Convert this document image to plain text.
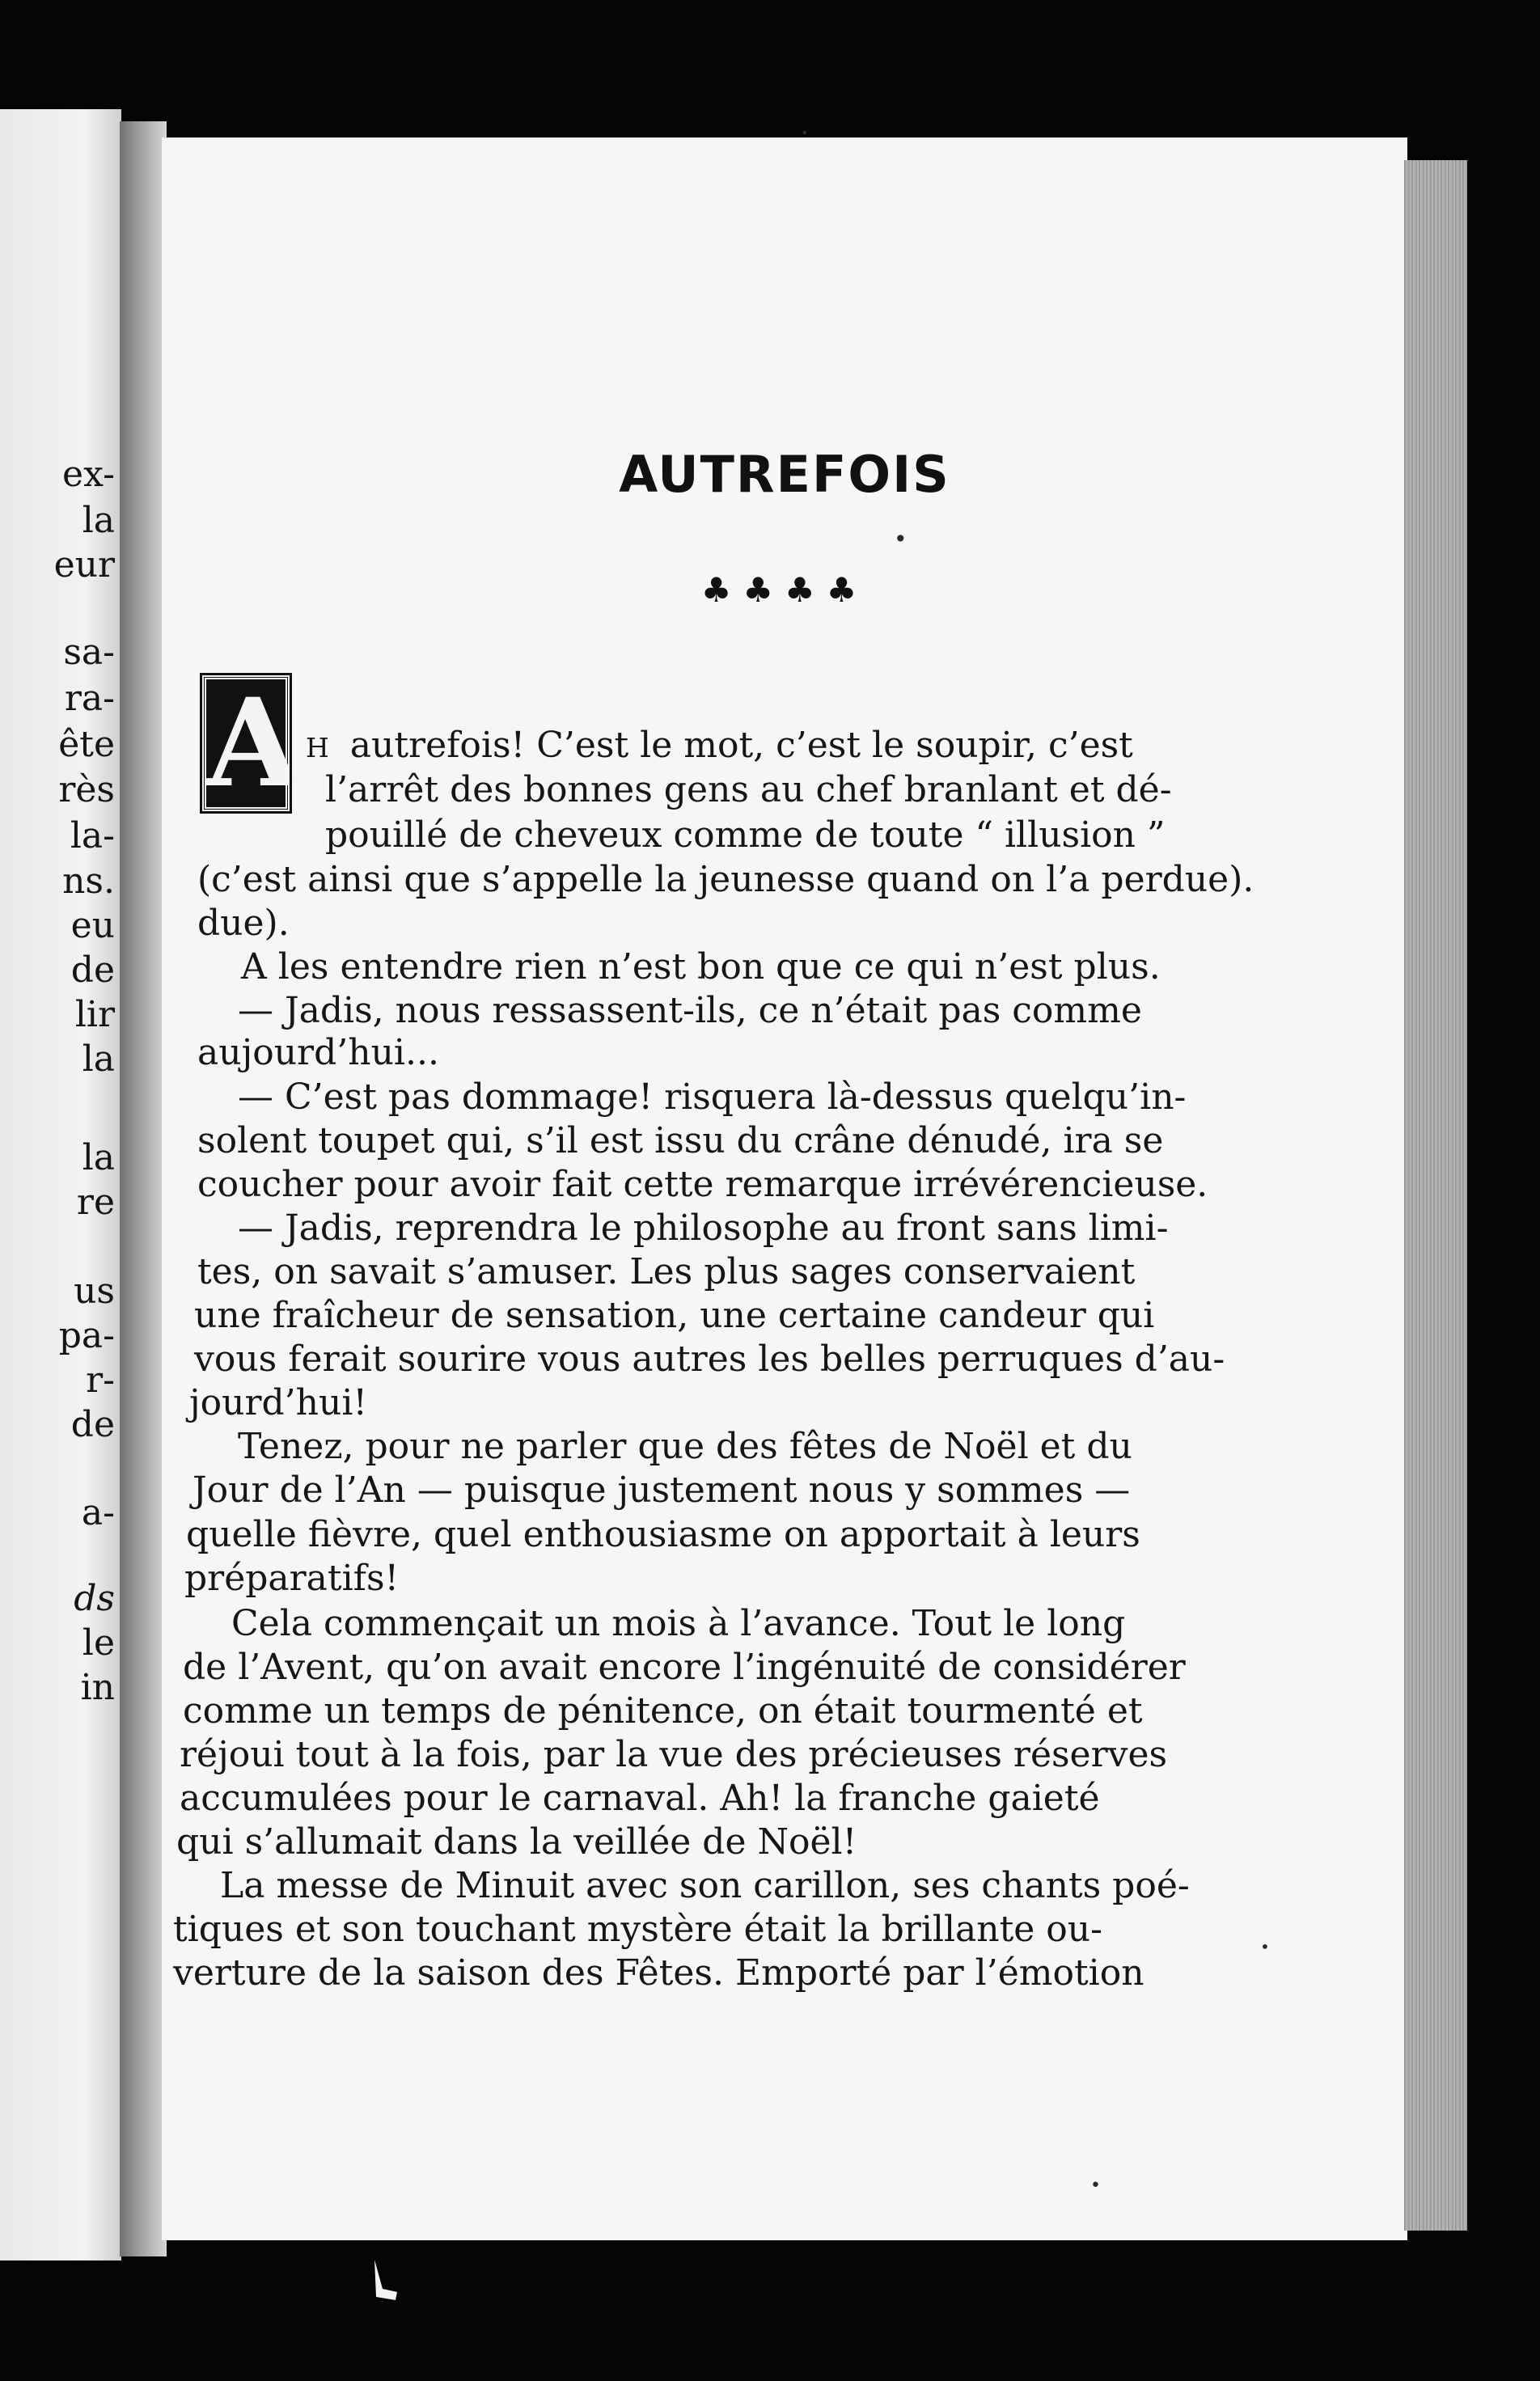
ex-
la
eur
sa-
ra-
ête
rès
la-
ns.
eu
de
lir
la
la
re
us
pa-
r-
de
a-
ds
le
in
AUTREFOIS
♣♣♣♣
A H autrefois! C’est le mot, c’est le soupir, c’est
l’arrêt des bonnes gens au chef branlant et dé-
pouillé de cheveux comme de toute “ illusion ”
(c’est ainsi que s’appelle la jeunesse quand on l’a perdue).
due).
A les entendre rien n’est bon que ce qui n’est plus.
— Jadis, nous ressassent-ils, ce n’était pas comme
aujourd’hui...
— C’est pas dommage! risquera là-dessus quelqu’in-
solent toupet qui, s’il est issu du crâne dénudé, ira se
coucher pour avoir fait cette remarque irrévérencieuse.
— Jadis, reprendra le philosophe au front sans limi-
tes, on savait s’amuser. Les plus sages conservaient
une fraîcheur de sensation, une certaine candeur qui
vous ferait sourire vous autres les belles perruques d’au-
jourd’hui!
Tenez, pour ne parler que des fêtes de Noël et du
Jour de l’An — puisque justement nous y sommes —
quelle fièvre, quel enthousiasme on apportait à leurs
préparatifs!
Cela commençait un mois à l’avance. Tout le long
de l’Avent, qu’on avait encore l’ingénuité de considérer
comme un temps de pénitence, on était tourmenté et
réjoui tout à la fois, par la vue des précieuses réserves
accumulées pour le carnaval. Ah! la franche gaieté
qui s’allumait dans la veillée de Noël!
La messe de Minuit avec son carillon, ses chants poé-
tiques et son touchant mystère était la brillante ou-
verture de la saison des Fêtes. Emporté par l’émotion
•
•
•
•
